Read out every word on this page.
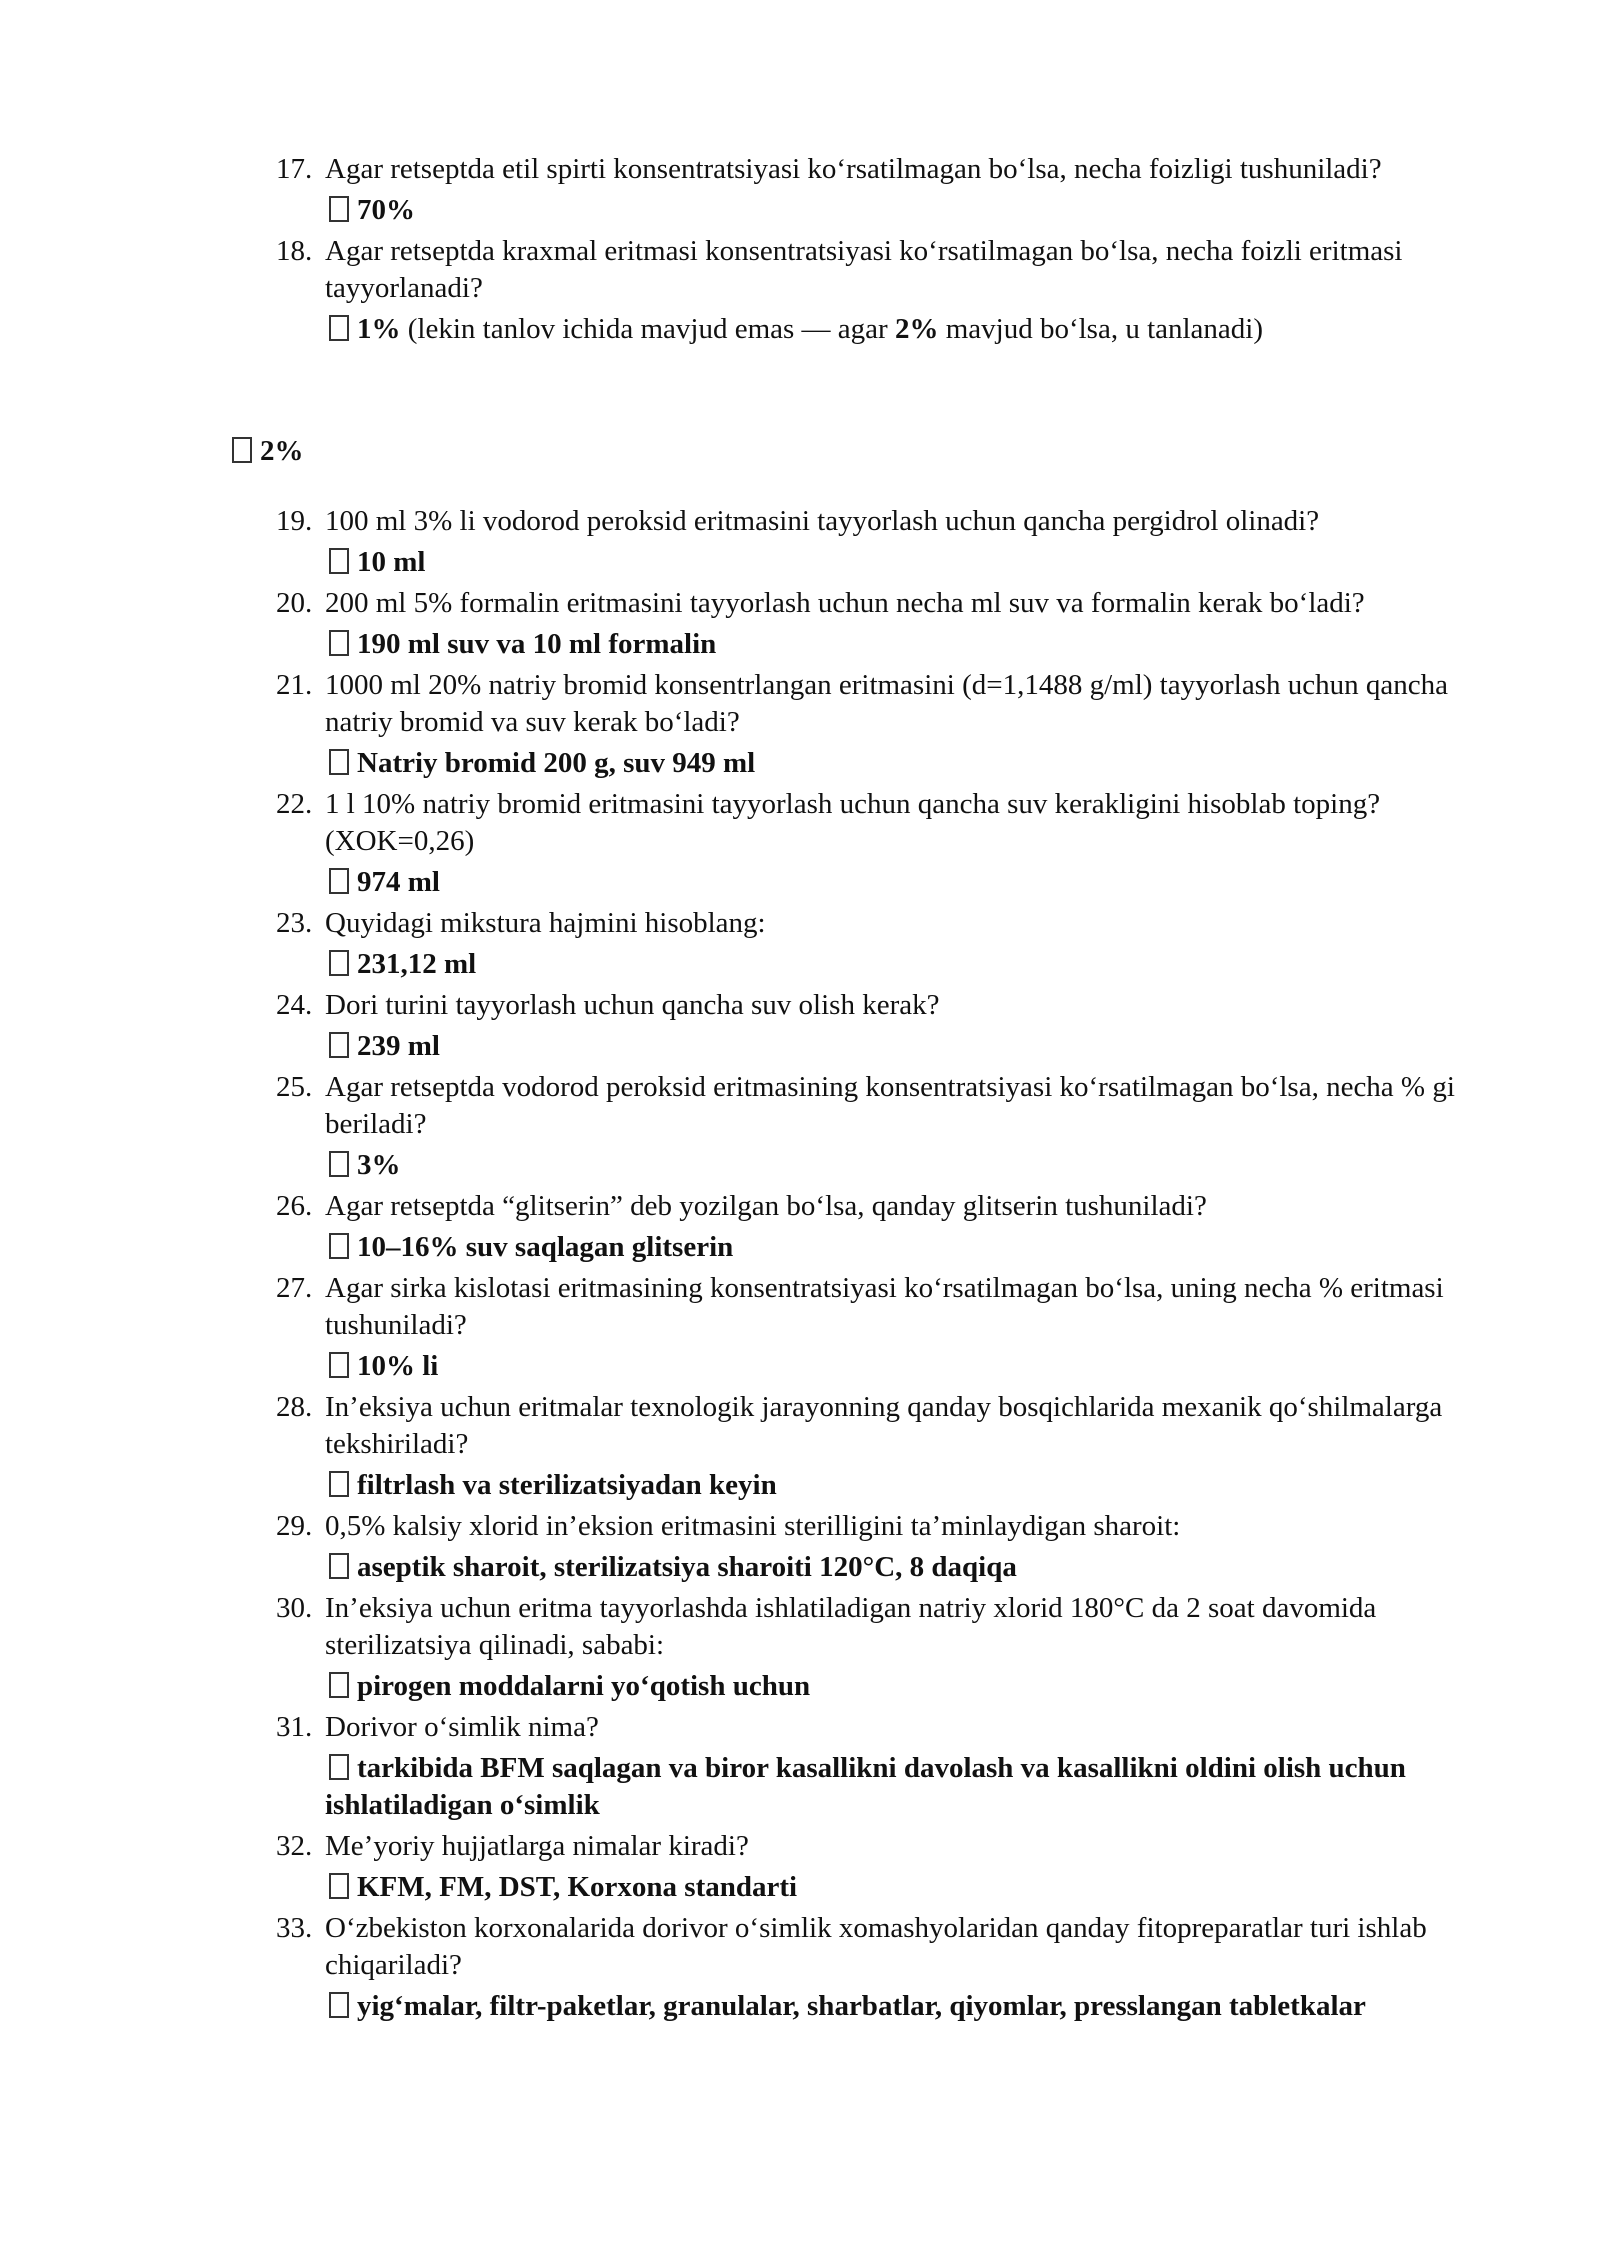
17. Agar retseptda etil spirti konsentratsiyasi ko‘rsatilmagan bo‘lsa, necha foizligi tushuniladi?
70%
18. Agar retseptda kraxmal eritmasi konsentratsiyasi ko‘rsatilmagan bo‘lsa, necha foizli eritmasi tayyorlanadi?
1% (lekin tanlov ichida mavjud emas — agar 2% mavjud bo‘lsa, u tanlanadi)
2%
19. 100 ml 3% li vodorod peroksid eritmasini tayyorlash uchun qancha pergidrol olinadi?
10 ml
20. 200 ml 5% formalin eritmasini tayyorlash uchun necha ml suv va formalin kerak bo‘ladi?
190 ml suv va 10 ml formalin
21. 1000 ml 20% natriy bromid konsentrlangan eritmasini (d=1,1488 g/ml) tayyorlash uchun qancha natriy bromid va suv kerak bo‘ladi?
Natriy bromid 200 g, suv 949 ml
22. 1 l 10% natriy bromid eritmasini tayyorlash uchun qancha suv kerakligini hisoblab toping? (XOK=0,26)
974 ml
23. Quyidagi mikstura hajmini hisoblang:
231,12 ml
24. Dori turini tayyorlash uchun qancha suv olish kerak?
239 ml
25. Agar retseptda vodorod peroksid eritmasining konsentratsiyasi ko‘rsatilmagan bo‘lsa, necha % gi beriladi?
3%
26. Agar retseptda “glitserin” deb yozilgan bo‘lsa, qanday glitserin tushuniladi?
10–16% suv saqlagan glitserin
27. Agar sirka kislotasi eritmasining konsentratsiyasi ko‘rsatilmagan bo‘lsa, uning necha % eritmasi tushuniladi?
10% li
28. In’eksiya uchun eritmalar texnologik jarayonning qanday bosqichlarida mexanik qo‘shilmalarga tekshiriladi?
filtrlash va sterilizatsiyadan keyin
29. 0,5% kalsiy xlorid in’eksion eritmasini sterilligini ta’minlaydigan sharoit:
aseptik sharoit, sterilizatsiya sharoiti 120°C, 8 daqiqa
30. In’eksiya uchun eritma tayyorlashda ishlatiladigan natriy xlorid 180°C da 2 soat davomida sterilizatsiya qilinadi, sababi:
pirogen moddalarni yo‘qotish uchun
31. Dorivor o‘simlik nima?
tarkibida BFM saqlagan va biror kasallikni davolash va kasallikni oldini olish uchun ishlatiladigan o‘simlik
32. Me’yoriy hujjatlarga nimalar kiradi?
KFM, FM, DST, Korxona standarti
33. O‘zbekiston korxonalarida dorivor o‘simlik xomashyolaridan qanday fitopreparatlar turi ishlab chiqariladi?
yig‘malar, filtr-paketlar, granulalar, sharbatlar, qiyomlar, presslangan tabletkalar
